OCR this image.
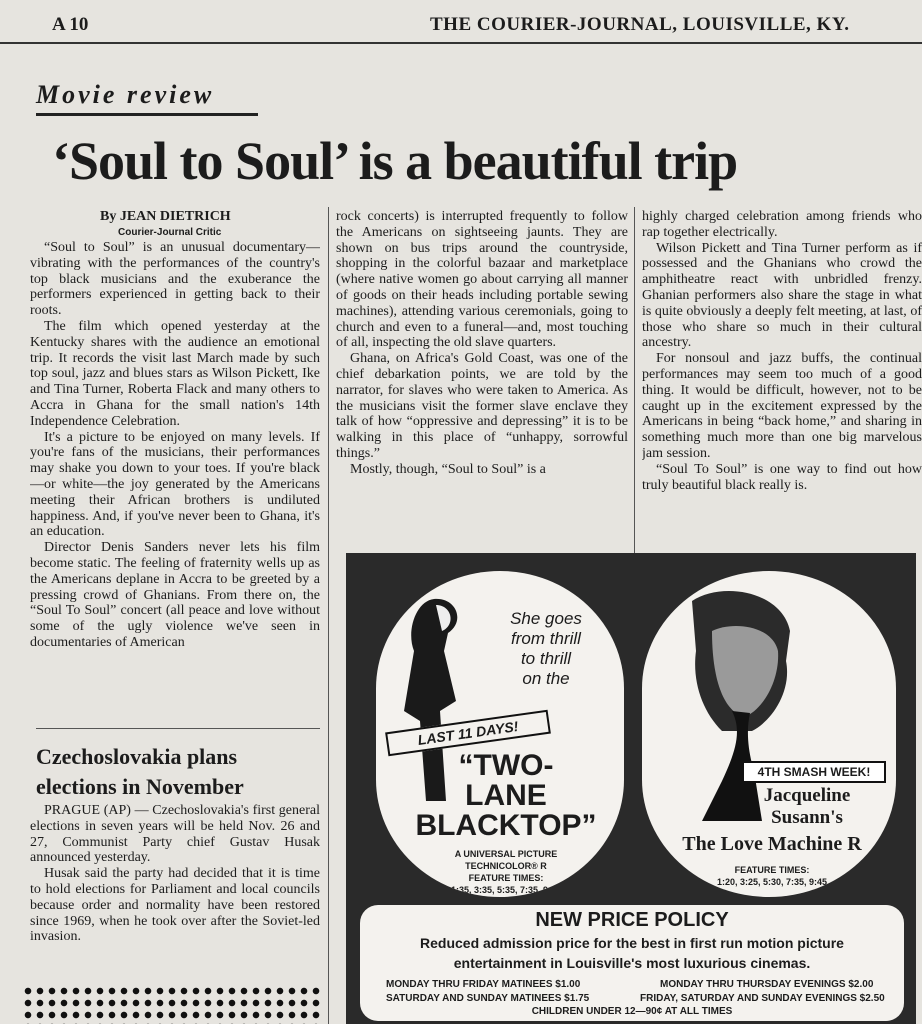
A 10	THE COURIER-JOURNAL, LOUISVILLE, KY.
Movie review
‘Soul to Soul’ is a beautiful trip
By JEAN DIETRICH
Courier-Journal Critic

“Soul to Soul” is an unusual documentary—vibrating with the performances of the country's top black musicians and the exuberance the performers experienced in getting back to their roots.

The film which opened yesterday at the Kentucky shares with the audience an emotional trip. It records the visit last March made by such top soul, jazz and blues stars as Wilson Pickett, Ike and Tina Turner, Roberta Flack and many others to Accra in Ghana for the small nation's 14th Independence Celebration.

It's a picture to be enjoyed on many levels. If you're fans of the musicians, their performances may shake you down to your toes. If you're black—or white—the joy generated by the Americans meeting their African brothers is undiluted happiness. And, if you've never been to Ghana, it's an education.

Director Denis Sanders never lets his film become static. The feeling of fraternity wells up as the Americans deplane in Accra to be greeted by a pressing crowd of Ghanians. From there on, the “Soul To Soul” concert (all peace and love without some of the ugly violence we've seen in documentaries of American

rock concerts) is interrupted frequently to follow the Americans on sightseeing jaunts. They are shown on bus trips around the countryside, shopping in the colorful bazaar and marketplace (where native women go about carrying all manner of goods on their heads including portable sewing machines), attending various ceremonials, going to church and even to a funeral—and, most touching of all, inspecting the old slave quarters.

Ghana, on Africa's Gold Coast, was one of the chief debarkation points, we are told by the narrator, for slaves who were taken to America. As the musicians visit the former slave enclave they talk of how “oppressive and depressing” it is to be walking in this place of “unhappy, sorrowful things.”

Mostly, though, “Soul to Soul” is a

highly charged celebration among friends who rap together electrically.

Wilson Pickett and Tina Turner perform as if possessed and the Ghanians who crowd the amphitheatre react with unbridled frenzy. Ghanian performers also share the stage in what is quite obviously a deeply felt meeting, at last, of those who share so much in their cultural ancestry.

For nonsoul and jazz buffs, the continual performances may seem too much of a good thing. It would be difficult, however, not to be caught up in the excitement expressed by the Americans in being “back home,” and sharing in something much more than one big marvelous jam session.

“Soul To Soul” is one way to find out how truly beautiful black really is.

Czechoslovakia plans
elections in November

PRAGUE (AP) — Czechoslovakia's first general elections in seven years will be held Nov. 26 and 27, Communist Party chief Gustav Husak announced yesterday.

Husak said the party had decided that it is time to hold elections for Parliament and local councils because order and normality have been restored since 1969, when he took over after the Soviet-led invasion.

She goes
from thrill
to thrill
on the
LAST 11 DAYS!
“TWO-
LANE
BLACKTOP”
A UNIVERSAL PICTURE
TECHNICOLOR® R
FEATURE TIMES:
1:35, 3:35, 5:35, 7:35, 9:35
4TH SMASH WEEK!
Jacqueline
Susann's
The Love Machine R
FEATURE TIMES:
1:20, 3:25, 5:30, 7:35, 9:45
NEW PRICE POLICY
Reduced admission price for the best in first run motion picture
entertainment in Louisville's most luxurious cinemas.
MONDAY THRU FRIDAY MATINEES $1.00	MONDAY THRU THURSDAY EVENINGS $2.00
SATURDAY AND SUNDAY MATINEES $1.75	FRIDAY, SATURDAY AND SUNDAY EVENINGS $2.50
CHILDREN UNDER 12—90¢ AT ALL TIMES
